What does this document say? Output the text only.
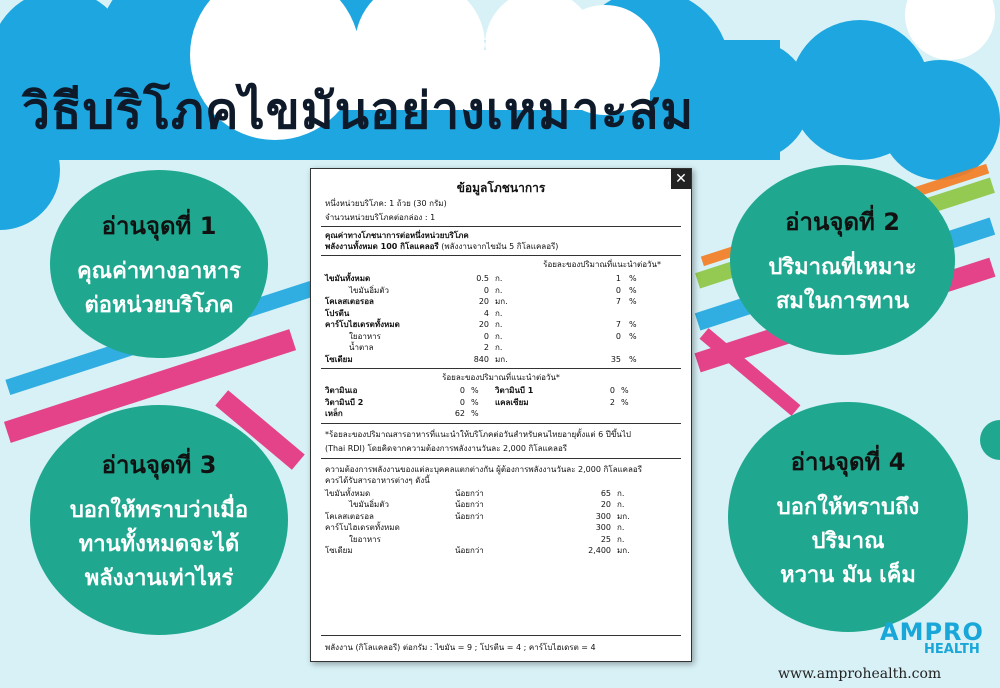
วิธีบริโภคไขมันอย่างเหมาะสม
อ่านจุดที่ 1
คุณค่าทางอาหาร
ต่อหน่วยบริโภค
อ่านจุดที่ 2
ปริมาณที่เหมาะ
สมในการทาน
อ่านจุดที่ 3
บอกให้ทราบว่าเมื่อ
ทานทั้งหมดจะได้
พลังงานเท่าไหร่
อ่านจุดที่ 4
บอกให้ทราบถึง
ปริมาณ
หวาน มัน เค็ม
✕
ข้อมูลโภชนาการ
หนึ่งหน่วยบริโภค: 1 ถ้วย (30 กรัม)
จำนวนหน่วยบริโภคต่อกล่อง : 1
คุณค่าทางโภชนาการต่อหนึ่งหน่วยบริโภค
พลังงานทั้งหมด 100 กิโลแคลอรี (พลังงานจากไขมัน 5 กิโลแคลอรี)
ร้อยละของปริมาณที่แนะนำต่อวัน*
ไขมันทั้งหมด	0.5 ก.	1	%
ไขมันอิ่มตัว	0 ก.	0	%
โคเลสเตอรอล	20 มก.	7	%
โปรตีน	4 ก.
คาร์โบไฮเดรตทั้งหมด	20 ก.	7	%
ใยอาหาร	0 ก.	0	%
น้ำตาล	2 ก.
โซเดียม	840 มก.	35	%
ร้อยละของปริมาณที่แนะนำต่อวัน*
วิตามินเอ	0 %	วิตามินบี 1	0 %
วิตามินบี 2	0 %	แคลเซียม	2 %
เหล็ก	62 %
*ร้อยละของปริมาณสารอาหารที่แนะนำให้บริโภคต่อวันสำหรับคนไทยอายุตั้งแต่ 6 ปีขึ้นไป
(Thai RDI) โดยคิดจากความต้องการพลังงานวันละ 2,000 กิโลแคลอรี
ความต้องการพลังงานของแต่ละบุคคลแตกต่างกัน ผู้ต้องการพลังงานวันละ 2,000 กิโลแคลอรี
ควรได้รับสารอาหารต่างๆ ดังนี้
ไขมันทั้งหมด	น้อยกว่า	65 ก.
ไขมันอิ่มตัว	น้อยกว่า	20 ก.
โคเลสเตอรอล	น้อยกว่า	300 มก.
คาร์โบไฮเดรตทั้งหมด	300 ก.
ใยอาหาร	25 ก.
โซเดียม	น้อยกว่า	2,400 มก.
พลังงาน (กิโลแคลอรี) ต่อกรัม : ไขมัน = 9 ; โปรตีน = 4 ; คาร์โบไฮเดรต = 4
AMPRO
HEALTH
www.amprohealth.com
